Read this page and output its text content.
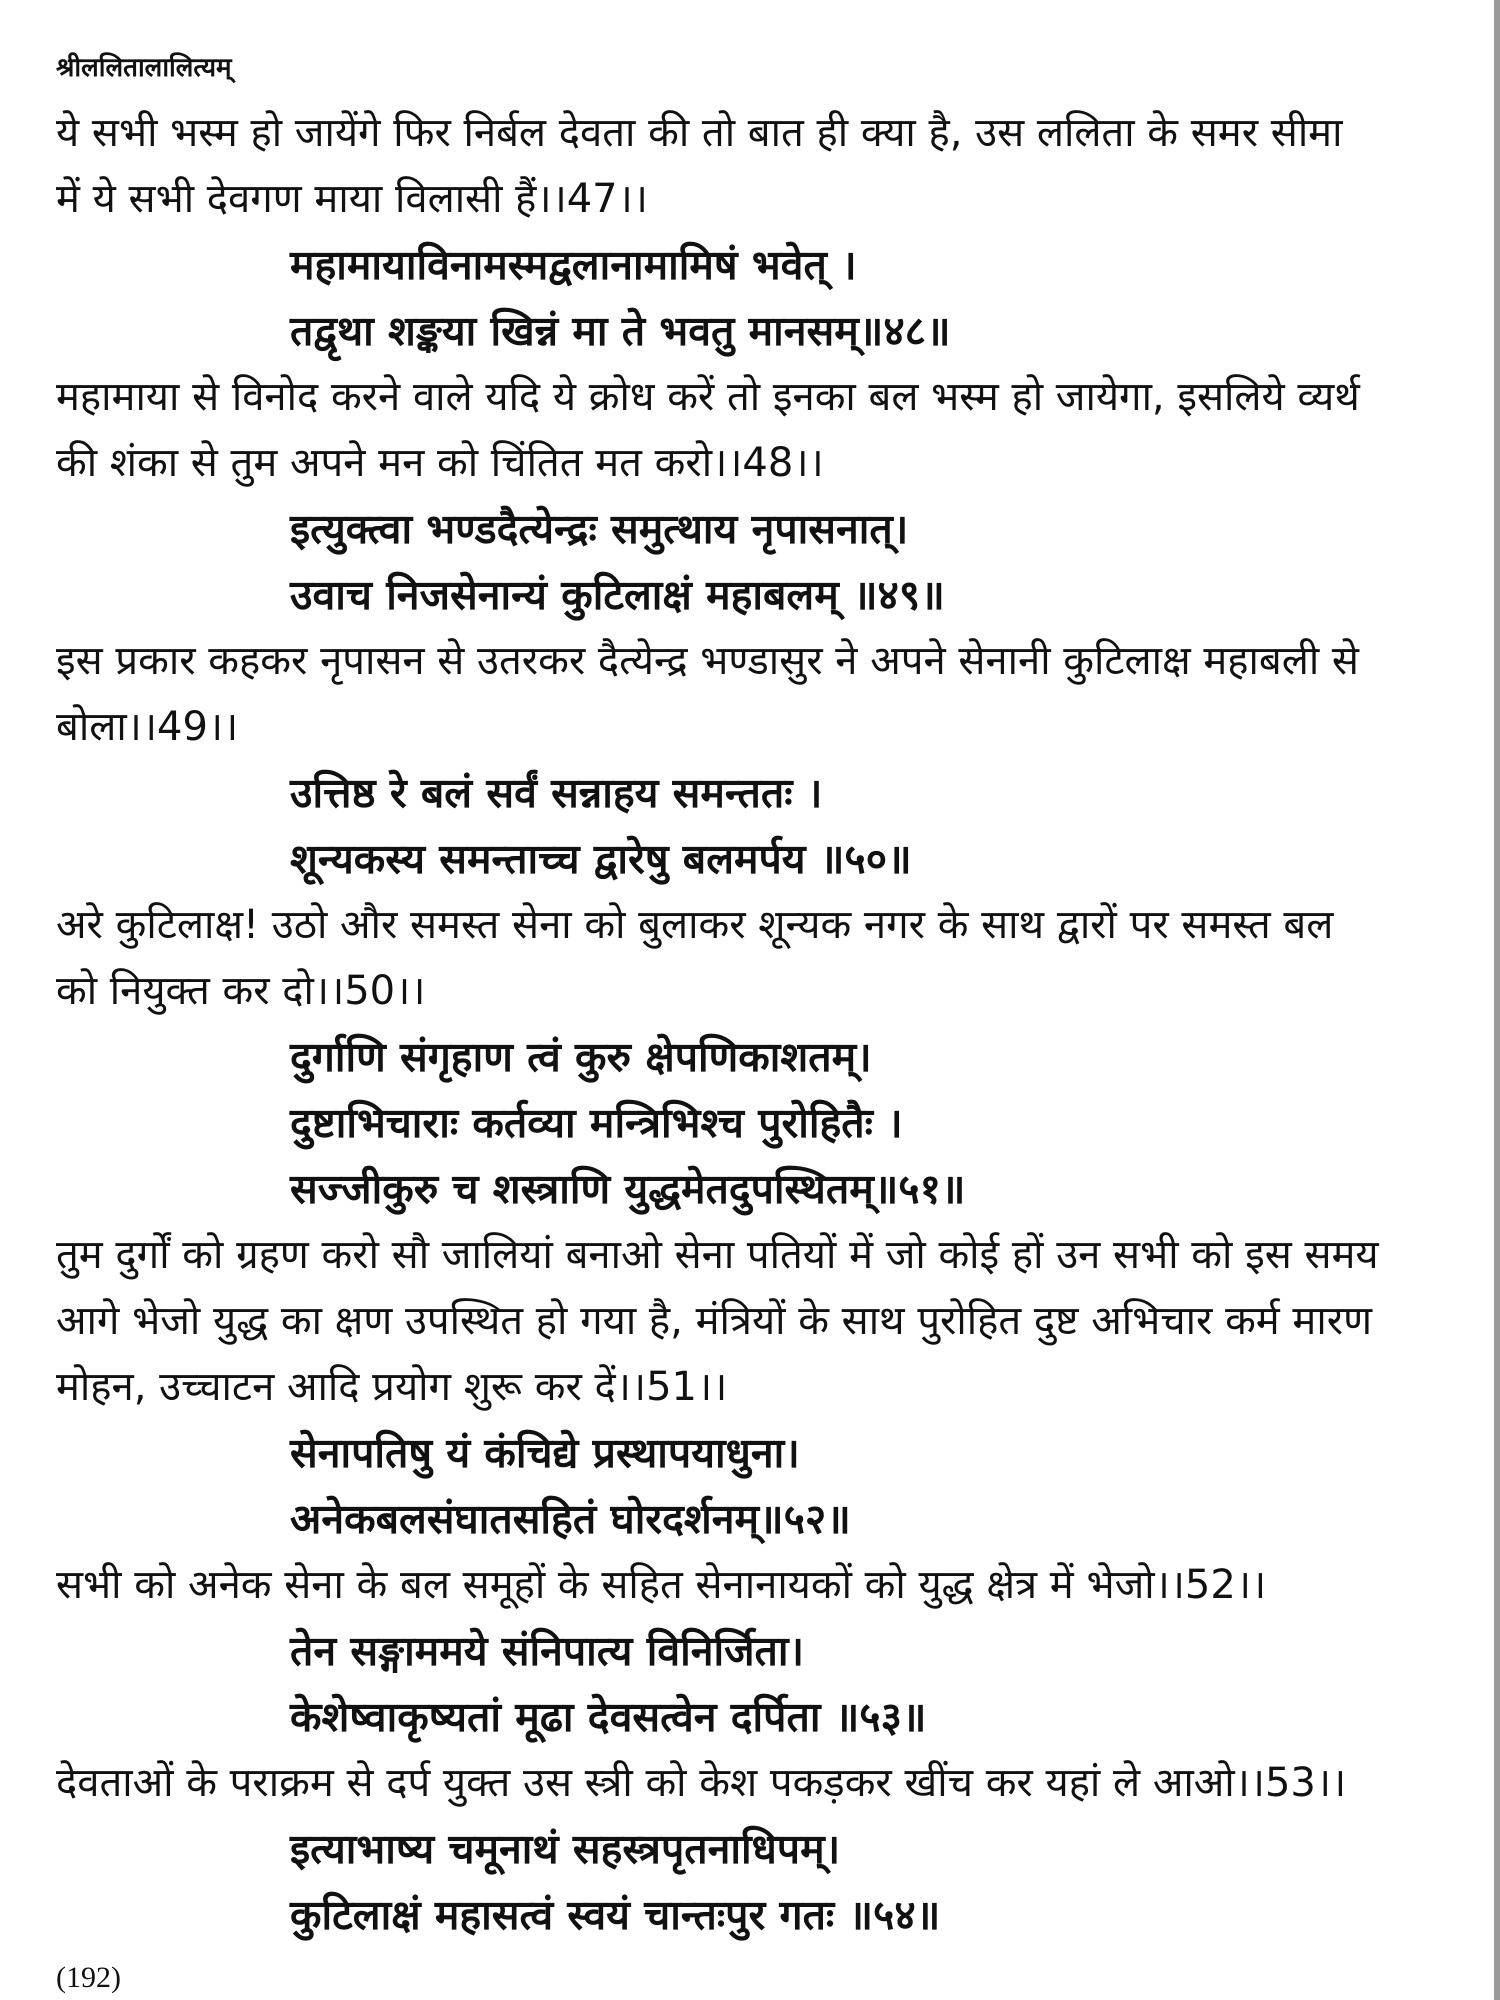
श्रीललितालालित्यम्
ये सभी भस्म हो जायेंगे फिर निर्बल देवता की तो बात ही क्या है, उस ललिता के समर सीमा
में ये सभी देवगण माया विलासी हैं।।47।।
महामायाविनामस्मद्वलानामामिषं भवेत् ।
तद्वृथा शङ्कया खिन्नं मा ते भवतु मानसम्॥४८॥
महामाया से विनोद करने वाले यदि ये क्रोध करें तो इनका बल भस्म हो जायेगा, इसलिये व्यर्थ
की शंका से तुम अपने मन को चिंतित मत करो।।48।।
इत्युक्त्वा भण्डदैत्येन्द्रः समुत्थाय नृपासनात्।
उवाच निजसेनान्यं कुटिलाक्षं महाबलम् ॥४९॥
इस प्रकार कहकर नृपासन से उतरकर दैत्येन्द्र भण्डासुर ने अपने सेनानी कुटिलाक्ष महाबली से
बोला।।49।।
उत्तिष्ठ रे बलं सर्वं सन्नाहय समन्ततः ।
शून्यकस्य समन्ताच्च द्वारेषु बलमर्पय ॥५०॥
अरे कुटिलाक्ष! उठो और समस्त सेना को बुलाकर शून्यक नगर के साथ द्वारों पर समस्त बल
को नियुक्त कर दो।।50।।
दुर्गाणि संगृहाण त्वं कुरु क्षेपणिकाशतम्।
दुष्टाभिचाराः कर्तव्या मन्त्रिभिश्च पुरोहितैः ।
सज्जीकुरु च शस्त्राणि युद्धमेतदुपस्थितम्॥५१॥
तुम दुर्गों को ग्रहण करो सौ जालियां बनाओ सेना पतियों में जो कोई हों उन सभी को इस समय
आगे भेजो युद्ध का क्षण उपस्थित हो गया है, मंत्रियों के साथ पुरोहित दुष्ट अभिचार कर्म मारण
मोहन, उच्चाटन आदि प्रयोग शुरू कर दें।।51।।
सेनापतिषु यं कंचिद्ये प्रस्थापयाधुना।
अनेकबलसंघातसहितं घोरदर्शनम्॥५२॥
सभी को अनेक सेना के बल समूहों के सहित सेनानायकों को युद्ध क्षेत्र में भेजो।।52।।
तेन सङ्गाममये संनिपात्य विनिर्जिता।
केशेष्वाकृष्यतां मूढा देवसत्वेन दर्पिता ॥५३॥
देवताओं के पराक्रम से दर्प युक्त उस स्त्री को केश पकड़कर खींच कर यहां ले आओ।।53।।
इत्याभाष्य चमूनाथं सहस्त्रपृतनाधिपम्।
कुटिलाक्षं महासत्वं स्वयं चान्तःपुर गतः ॥५४॥
(192)
